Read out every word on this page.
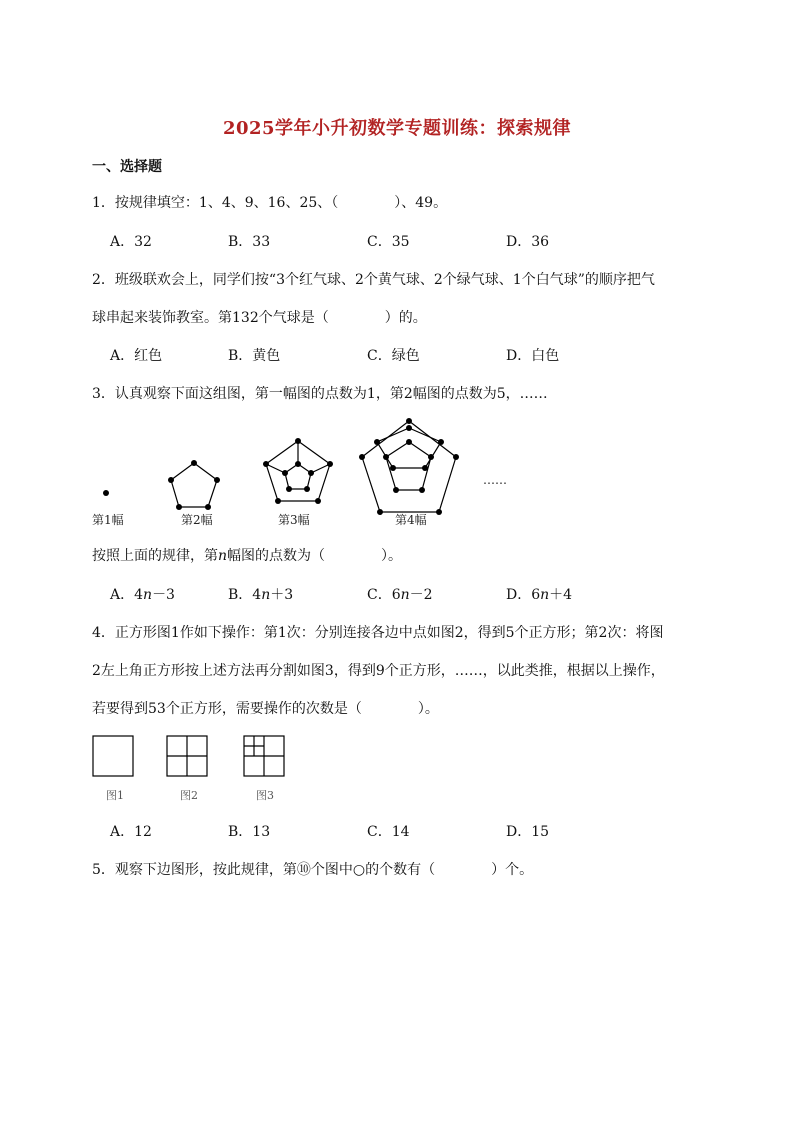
2025学年小升初数学专题训练：探索规律
一、选择题
1．按规律填空：1、4、9、16、25、（　　　　）、49。
A．32	B．33	C．35	D．36
2．班级联欢会上，同学们按“3个红气球、2个黄气球、2个绿气球、1个白气球”的顺序把气
球串起来装饰教室。第132个气球是（　　　　）的。
A．红色	B．黄色	C．绿色	D．白色
3．认真观察下面这组图，第一幅图的点数为1，第2幅图的点数为5，……
第1幅	第2幅	第3幅	第4幅
……
按照上面的规律，第n幅图的点数为（　　　　）。
A．4n－3	B．4n＋3	C．6n－2	D．6n＋4
4．正方形图1作如下操作：第1次：分别连接各边中点如图2，得到5个正方形；第2次：将图
2左上角正方形按上述方法再分割如图3，得到9个正方形，……，以此类推，根据以上操作，
若要得到53个正方形，需要操作的次数是（　　　　）。
图1	图2	图3
A．12	B．13	C．14	D．15
5．观察下边图形，按此规律，第⑩个图中○的个数有（　　　　）个。
